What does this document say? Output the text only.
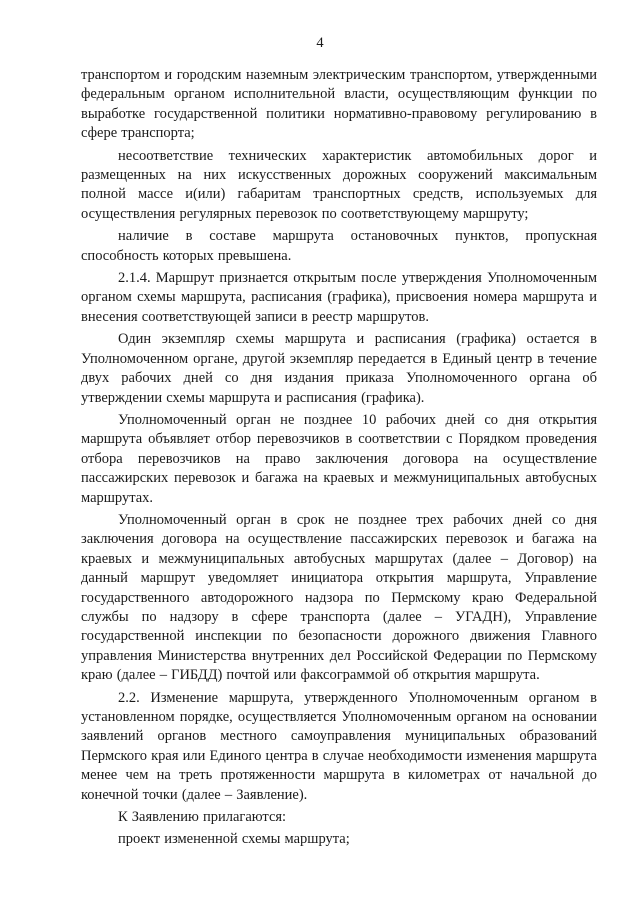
4

транспортом и городским наземным электрическим транспортом, утвержденными федеральным органом исполнительной власти, осуществляющим функции по выработке государственной политики нормативно-правовому регулированию в сфере транспорта;

несоответствие технических характеристик автомобильных дорог и размещенных на них искусственных дорожных сооружений максимальным полной массе и(или) габаритам транспортных средств, используемых для осуществления регулярных перевозок по соответствующему маршруту;

наличие в составе маршрута остановочных пунктов, пропускная способность которых превышена.

2.1.4. Маршрут признается открытым после утверждения Уполномоченным органом схемы маршрута, расписания (графика), присвоения номера маршрута и внесения соответствующей записи в реестр маршрутов.

Один экземпляр схемы маршрута и расписания (графика) остается в Уполномоченном органе, другой экземпляр передается в Единый центр в течение двух рабочих дней со дня издания приказа Уполномоченного органа об утверждении схемы маршрута и расписания (графика).

Уполномоченный орган не позднее 10 рабочих дней со дня открытия маршрута объявляет отбор перевозчиков в соответствии с Порядком проведения отбора перевозчиков на право заключения договора на осуществление пассажирских перевозок и багажа на краевых и межмуниципальных автобусных маршрутах.

Уполномоченный орган в срок не позднее трех рабочих дней со дня заключения договора на осуществление пассажирских перевозок и багажа на краевых и межмуниципальных автобусных маршрутах (далее – Договор) на данный маршрут уведомляет инициатора открытия маршрута, Управление государственного автодорожного надзора по Пермскому краю Федеральной службы по надзору в сфере транспорта (далее – УГАДН), Управление государственной инспекции по безопасности дорожного движения Главного управления Министерства внутренних дел Российской Федерации по Пермскому краю (далее – ГИБДД) почтой или факсограммой об открытия маршрута.

2.2. Изменение маршрута, утвержденного Уполномоченным органом в установленном порядке, осуществляется Уполномоченным органом на основании заявлений органов местного самоуправления муниципальных образований Пермского края или Единого центра в случае необходимости изменения маршрута менее чем на треть протяженности маршрута в километрах от начальной до конечной точки (далее – Заявление).

К Заявлению прилагаются:

проект измененной схемы маршрута;
